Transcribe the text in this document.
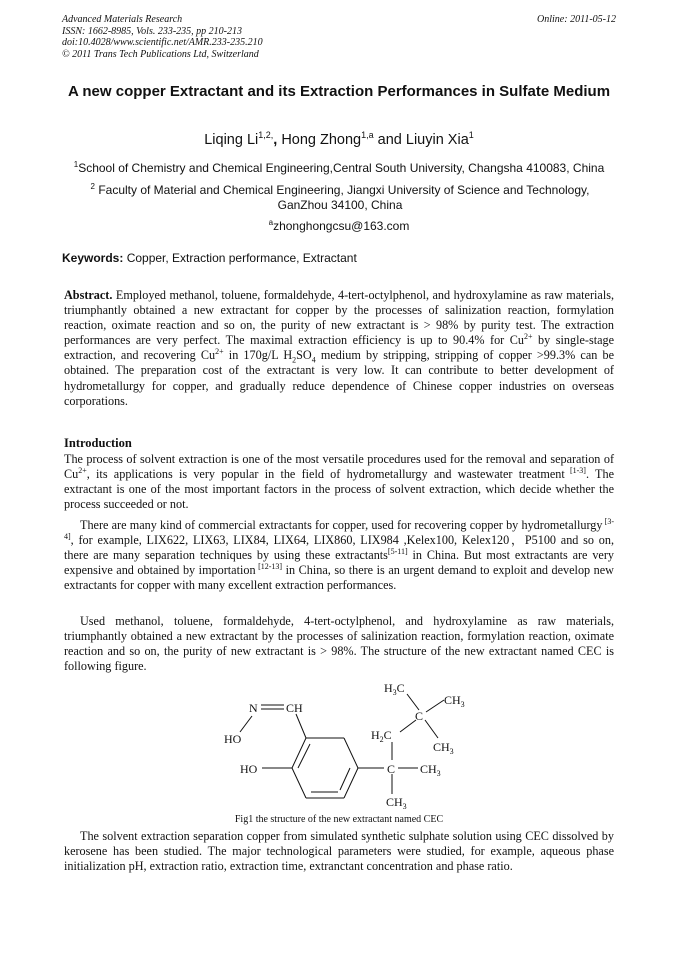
Advanced Materials Research
ISSN: 1662-8985, Vols. 233-235, pp 210-213
doi:10.4028/www.scientific.net/AMR.233-235.210
© 2011 Trans Tech Publications Ltd, Switzerland
Online: 2011-05-12
A new copper Extractant and its Extraction Performances in Sulfate Medium
Liqing $Li^{1,2,}$, Hong Zhong$^{1,a}$ and Liuyin Xia$^1$
$^1$School of Chemistry and Chemical Engineering,Central South University, Changsha 410083, China
$^2$ Faculty of Material and Chemical Engineering, Jiangxi University of Science and Technology, GanZhou 34100, China
$^a$zhonghongcsu@163.com
Keywords: Copper, Extraction performance, Extractant
Abstract. Employed methanol, toluene, formaldehyde, 4-tert-octylphenol, and hydroxylamine as raw materials, triumphantly obtained a new extractant for copper by the processes of salinization reaction, formylation reaction, oximate reaction and so on, the purity of new extractant is > 98% by purity test. The extraction performances are very perfect. The maximal extraction efficiency is up to 90.4% for $Cu^{2+}$ by single-stage extraction, and recovering $Cu^{2+}$ in 170g/L $H_2SO_4$ medium by stripping, stripping of copper >99.3% can be obtained. The preparation cost of the extractant is very low. It can contribute to better development of hydrometallurgy for copper, and gradually reduce dependence of Chinese copper industries on overseas corporations.
Introduction
The process of solvent extraction is one of the most versatile procedures used for the removal and separation of $Cu^{2+}$, its applications is very popular in the field of hydrometallurgy and wastewater treatment [1-3]. The extractant is one of the most important factors in the process of solvent extraction, which decide whether the process succeeded or not.
There are many kind of commercial extractants for copper, used for recovering copper by hydrometallurgy [3-4], for example, LIX622, LIX63, LIX84, LIX64, LIX860, LIX984 ,Kelex100, Kelex120，P5100 and so on, there are many separation techniques by using these extractants[5-11] in China. But most extractants are very expensive and obtained by importation [12-13] in China, so there is an urgent demand to exploit and develop new extractants for copper with many excellent extraction performances.
Used methanol, toluene, formaldehyde, 4-tert-octylphenol, and hydroxylamine as raw materials, triumphantly obtained a new extractant by the processes of salinization reaction, formylation reaction, oximate reaction and so on, the purity of new extractant is > 98%. The structure of the new extractant named CEC is following figure.
$H_3C$
$CH_3$
N CH
C
HO	$H_2C$
$CH_3$
HO	C $CH_3$
$CH_3$
Fig1 the structure of the new extractant named CEC
The solvent extraction separation copper from simulated synthetic sulphate solution using CEC dissolved by kerosene has been studied. The major technological parameters were studied, for example, aqueous phase initialization pH, extraction ratio, extraction time, extranctant concentration and phase ratio.
